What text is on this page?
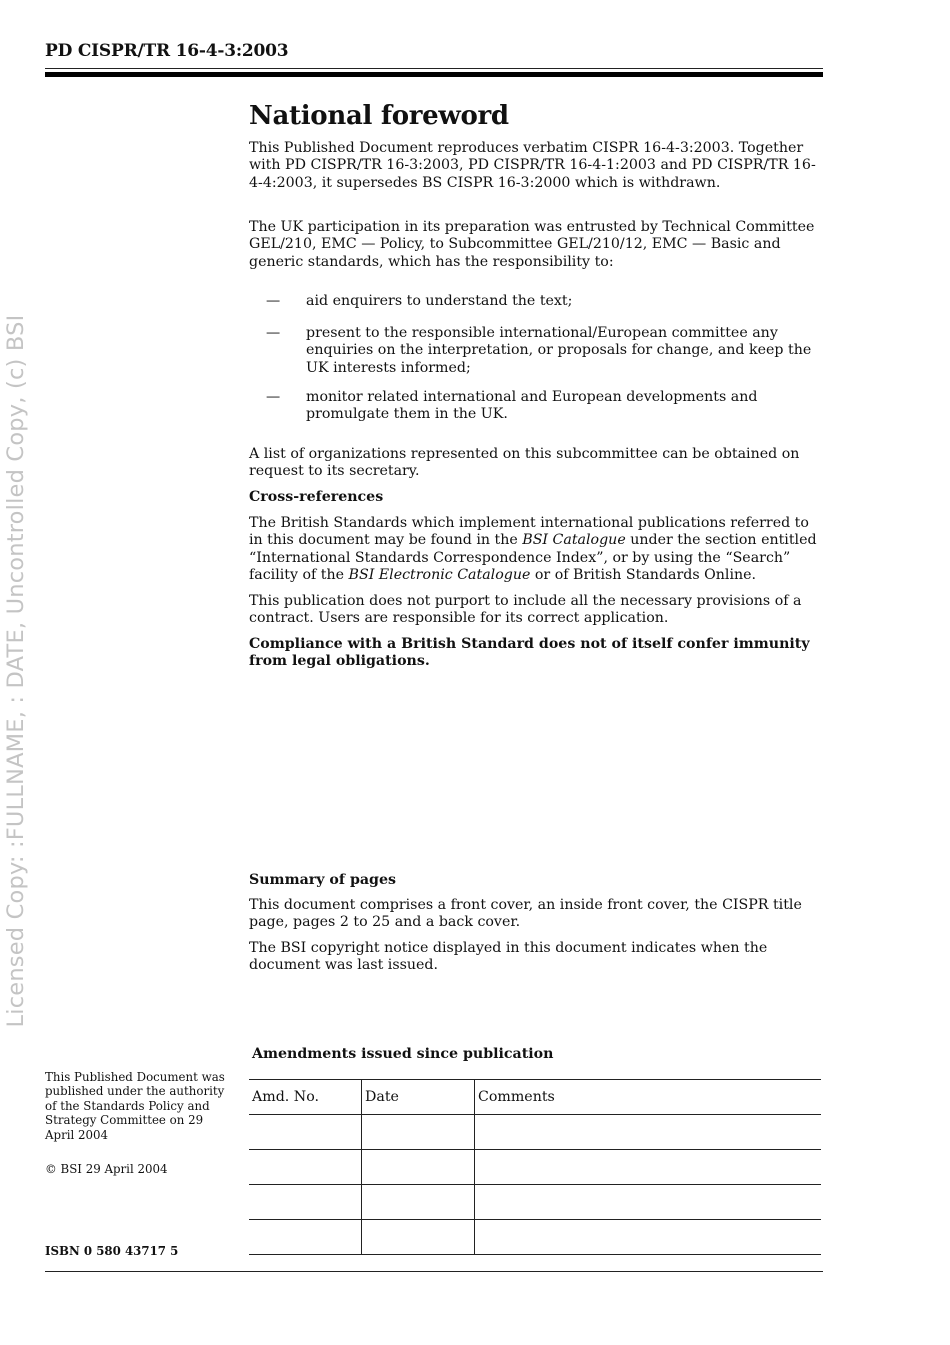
PD CISPR/TR 16-4-3:2003
Licensed Copy: :FULLNAME, : DATE, Uncontrolled Copy, (c) BSI
National foreword

This Published Document reproduces verbatim CISPR 16-4-3:2003. Together with PD CISPR/TR 16-3:2003, PD CISPR/TR 16-4-1:2003 and PD CISPR/TR 16-4-4:2003, it supersedes BS CISPR 16-3:2000 which is withdrawn.

The UK participation in its preparation was entrusted by Technical Committee GEL/210, EMC — Policy, to Subcommittee GEL/210/12, EMC — Basic and generic standards, which has the responsibility to:

— aid enquirers to understand the text;
— present to the responsible international/European committee any enquiries on the interpretation, or proposals for change, and keep the UK interests informed;
— monitor related international and European developments and promulgate them in the UK.

A list of organizations represented on this subcommittee can be obtained on request to its secretary.

Cross-references

The British Standards which implement international publications referred to in this document may be found in the BSI Catalogue under the section entitled “International Standards Correspondence Index”, or by using the “Search” facility of the BSI Electronic Catalogue or of British Standards Online.

This publication does not purport to include all the necessary provisions of a contract. Users are responsible for its correct application.

Compliance with a British Standard does not of itself confer immunity from legal obligations.
Summary of pages

This document comprises a front cover, an inside front cover, the CISPR title page, pages 2 to 25 and a back cover.

The BSI copyright notice displayed in this document indicates when the document was last issued.

This Published Document was published under the authority of the Standards Policy and Strategy Committee on 29 April 2004
© BSI 29 April 2004
ISBN 0 580 43717 5
Amendments issued since publication
Amd. No.	Date	Comments
